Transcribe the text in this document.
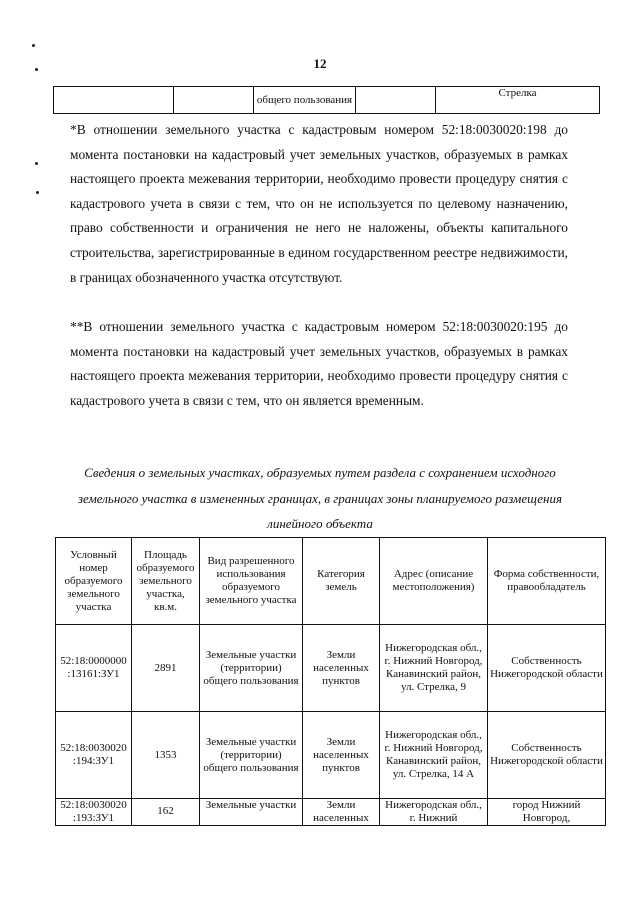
12
		общего пользования		Стрелка
*В отношении земельного участка с кадастровым номером 52:18:0030020:198 до момента постановки на кадастровый учет земельных участков, образуемых в рамках настоящего проекта межевания территории, необходимо провести процедуру снятия с кадастрового учета в связи с тем, что он не используется по целевому назначению, право собственности и ограничения не него не наложены, объекты капитального строительства, зарегистрированные в едином государственном реестре недвижимости, в границах обозначенного участка отсутствуют.
**В отношении земельного участка с кадастровым номером 52:18:0030020:195 до момента постановки на кадастровый учет земельных участков, образуемых в рамках настоящего проекта межевания территории, необходимо провести процедуру снятия с кадастрового учета в связи с тем, что он является временным.
Сведения о земельных участках, образуемых путем раздела с сохранением исходного земельного участка в измененных границах, в границах зоны планируемого размещения линейного объекта
Условный номер образуемого земельного участка	Площадь образуемого земельного участка, кв.м.	Вид разрешенного использования образуемого земельного участка	Категория земель	Адрес (описание местоположения)	Форма собственности, правообладатель
52:18:0000000 :13161:ЗУ1	2891	Земельные участки (территории) общего пользования	Земли населенных пунктов	Нижегородская обл., г. Нижний Новгород, Канавинский район, ул. Стрелка, 9	Собственность Нижегородской области
52:18:0030020 :194:ЗУ1	1353	Земельные участки (территории) общего пользования	Земли населенных пунктов	Нижегородская обл., г. Нижний Новгород, Канавинский район, ул. Стрелка, 14 А	Собственность Нижегородской области

52:18:0030020 :193:ЗУ1	162	Земельные участки	Земли населенных	Нижегородская обл., г. Нижний	город Нижний Новгород,
